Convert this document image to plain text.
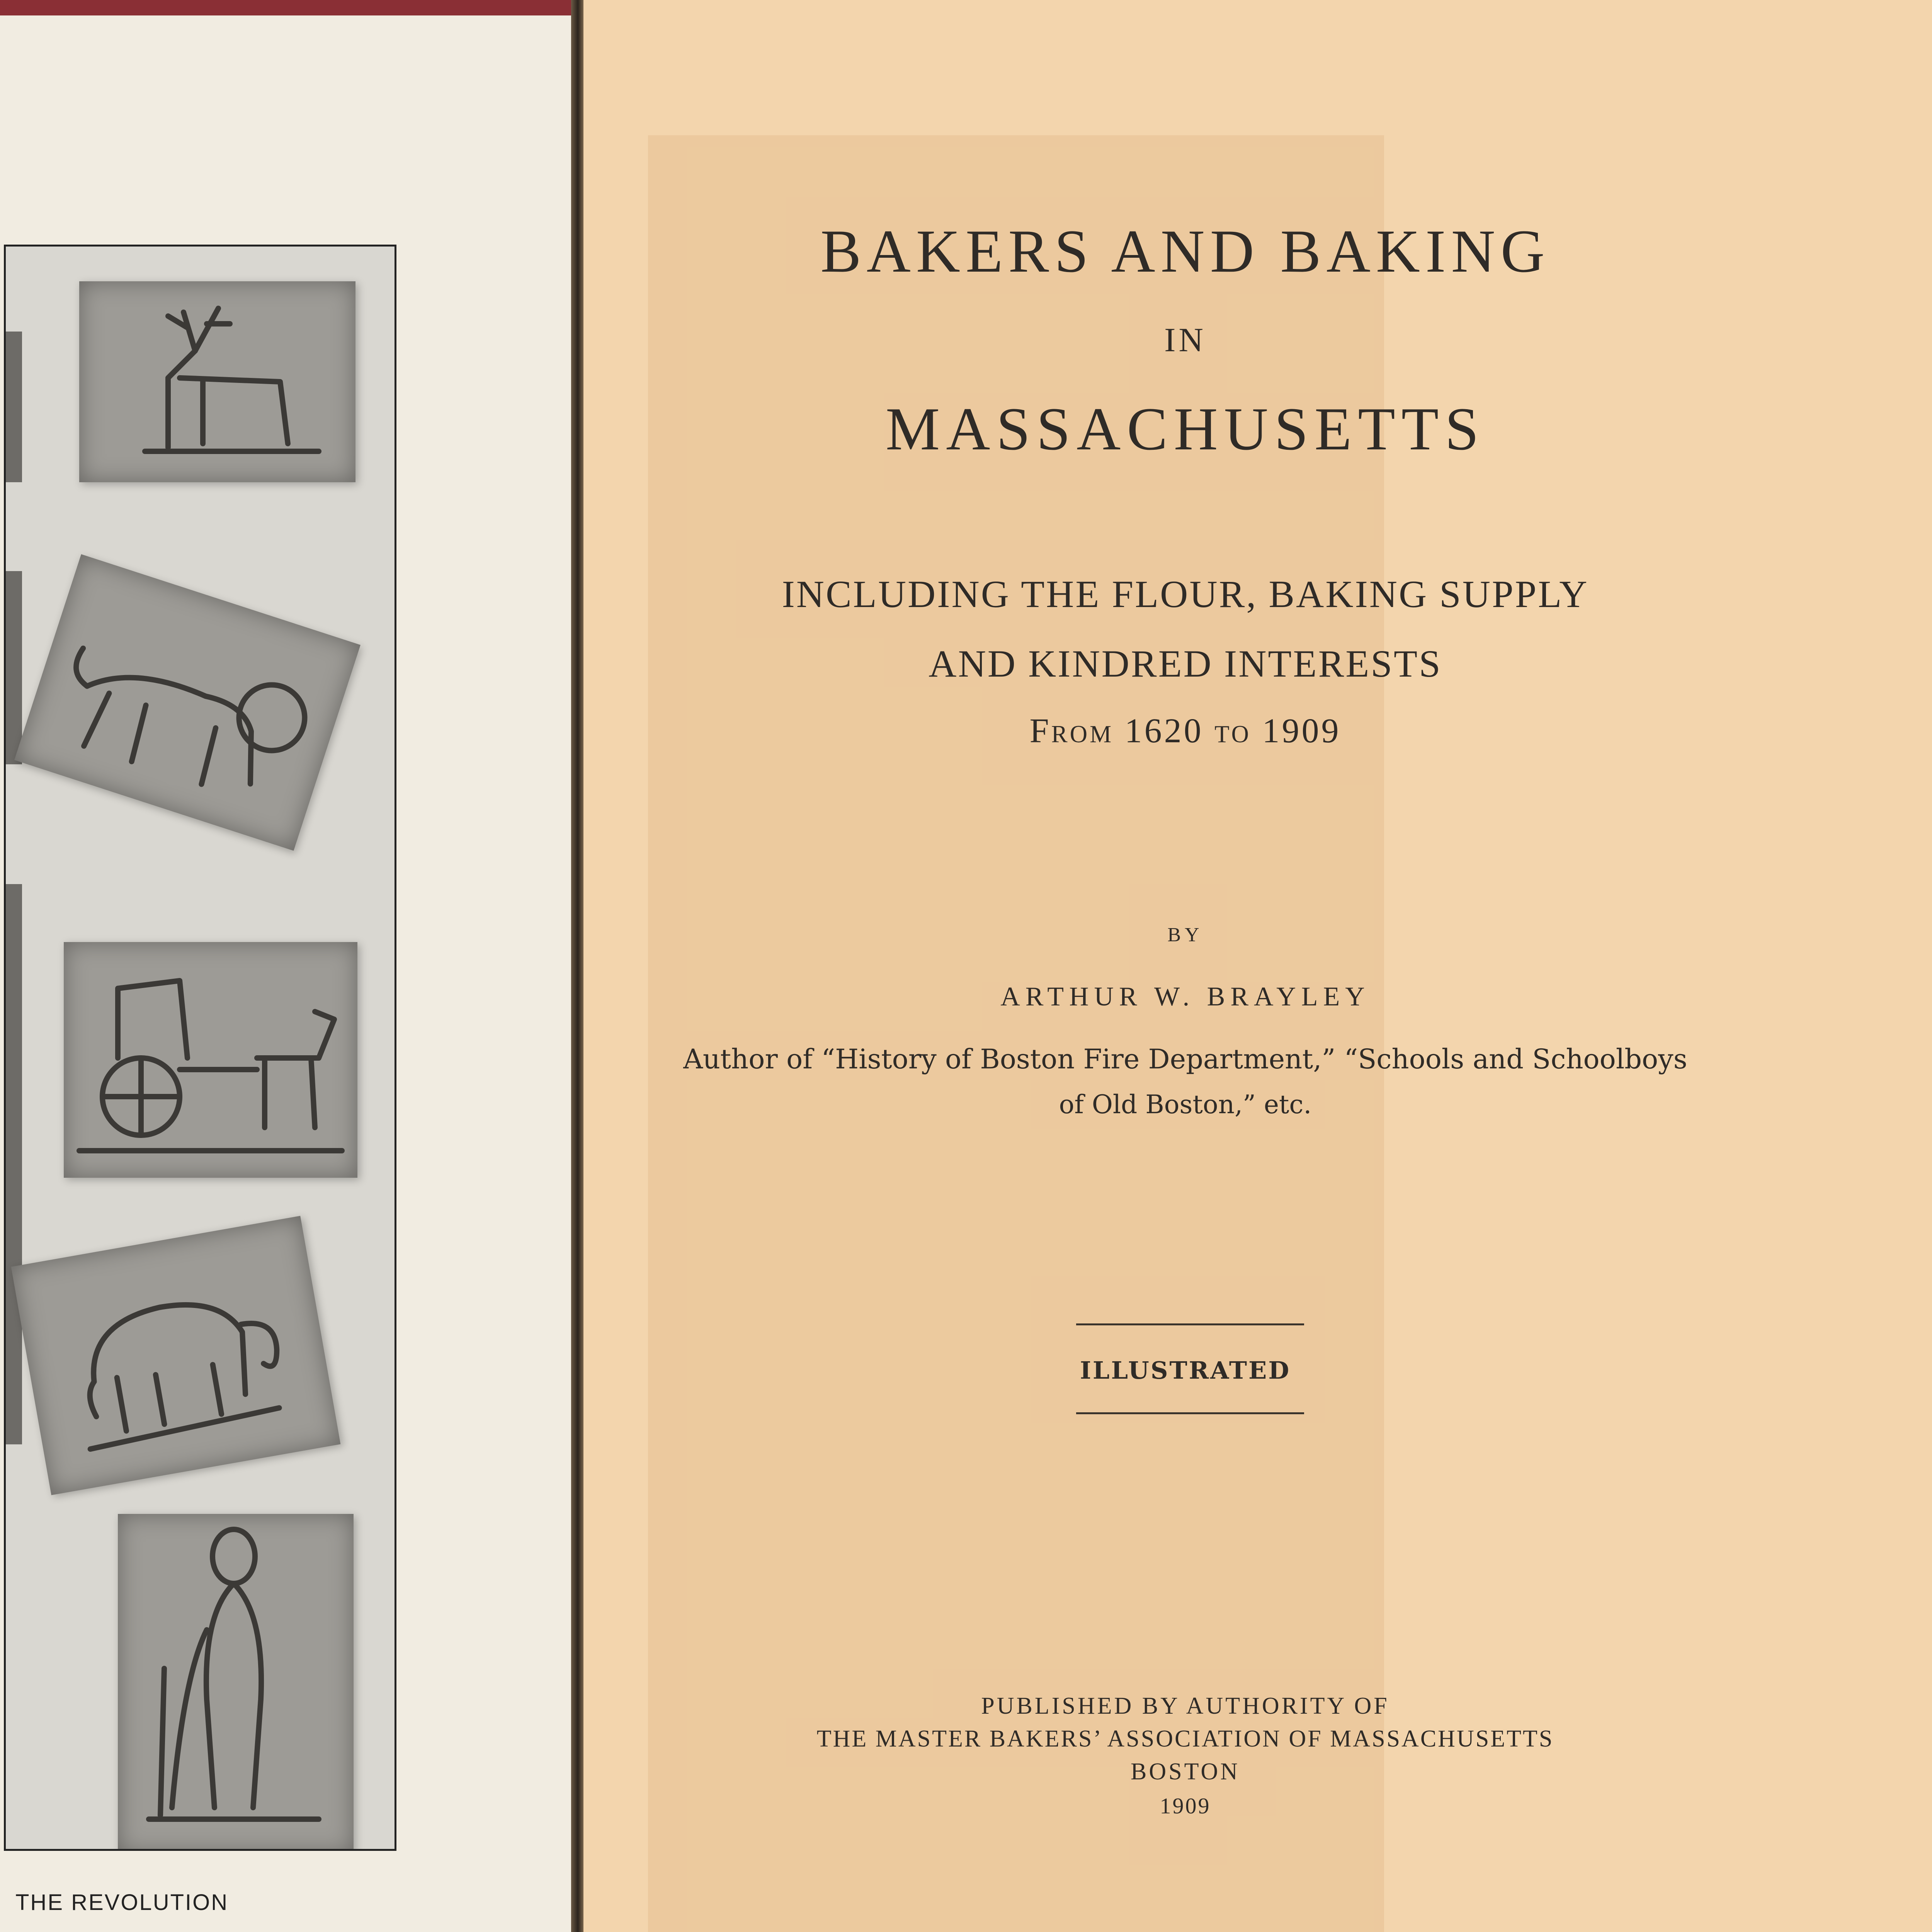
THE REVOLUTION
BAKERS AND BAKING
IN
MASSACHUSETTS
INCLUDING THE FLOUR, BAKING SUPPLY
AND KINDRED INTERESTS
From 1620 to 1909
BY
ARTHUR W. BRAYLEY
Author of “History of Boston Fire Department,” “Schools and Schoolboys
of Old Boston,” etc.
ILLUSTRATED
PUBLISHED BY AUTHORITY OF
THE MASTER BAKERS’ ASSOCIATION OF MASSACHUSETTS
BOSTON
1909
